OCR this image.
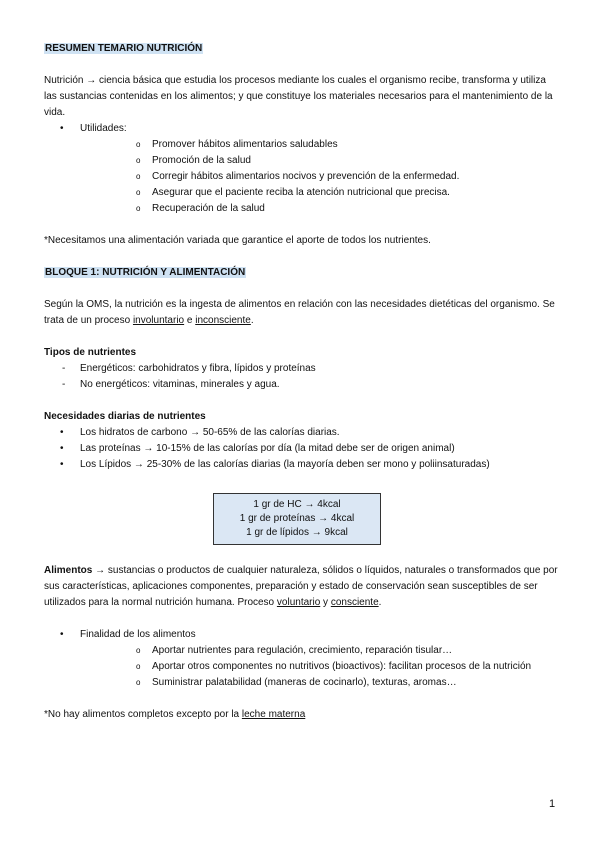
RESUMEN TEMARIO NUTRICIÓN

Nutrición → ciencia básica que estudia los procesos mediante los cuales el organismo recibe, transforma y utiliza las sustancias contenidas en los alimentos; y que constituye los materiales necesarios para el mantenimiento de la vida.

• Utilidades:
o Promover hábitos alimentarios saludables
o Promoción de la salud
o Corregir hábitos alimentarios nocivos y prevención de la enfermedad.
o Asegurar que el paciente reciba la atención nutricional que precisa.
o Recuperación de la salud

*Necesitamos una alimentación variada que garantice el aporte de todos los nutrientes.

BLOQUE 1: NUTRICIÓN Y ALIMENTACIÓN

Según la OMS, la nutrición es la ingesta de alimentos en relación con las necesidades dietéticas del organismo. Se trata de un proceso involuntario e inconsciente.

Tipos de nutrientes

- Energéticos: carbohidratos y fibra, lípidos y proteínas
- No energéticos: vitaminas, minerales y agua.

Necesidades diarias de nutrientes

• Los hidratos de carbono → 50-65% de las calorías diarias.
• Las proteínas → 10-15% de las calorías por día (la mitad debe ser de origen animal)
• Los Lípidos → 25-30% de las calorías diarias (la mayoría deben ser mono y poliinsaturadas)
1 gr de HC → 4kcal
1 gr de proteínas → 4kcal
1 gr de lípidos → 9kcal

Alimentos → sustancias o productos de cualquier naturaleza, sólidos o líquidos, naturales o transformados que por sus características, aplicaciones componentes, preparación y estado de conservación sean susceptibles de ser utilizados para la normal nutrición humana. Proceso voluntario y consciente.

• Finalidad de los alimentos
o Aportar nutrientes para regulación, crecimiento, reparación tisular…
o Aportar otros componentes no nutritivos (bioactivos): facilitan procesos de la nutrición
o Suministrar palatabilidad (maneras de cocinarlo), texturas, aromas…

*No hay alimentos completos excepto por la leche materna

1
